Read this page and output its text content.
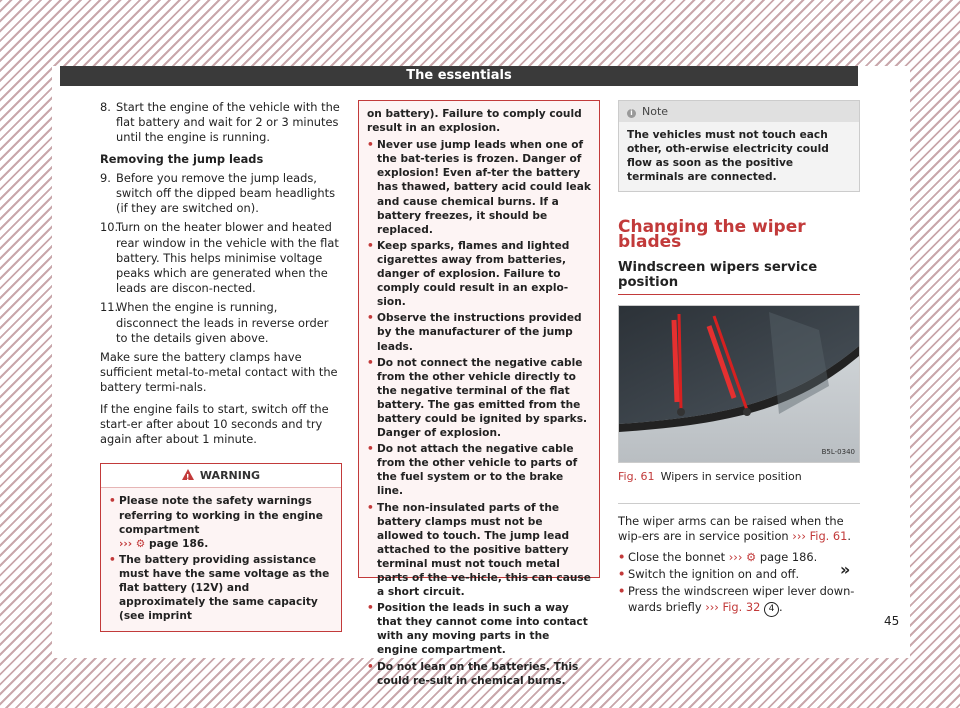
The essentials
8. Start the engine of the vehicle with the flat battery and wait for 2 or 3 minutes until the engine is running.
Removing the jump leads
9. Before you remove the jump leads, switch off the dipped beam headlights (if they are switched on).
10.
Turn on the heater blower and heated rear window in the vehicle with the flat battery. This helps minimise voltage peaks which are generated when the leads are discon-nected.
11.
When the engine is running, disconnect the leads in reverse order to the details given above.

Make sure the battery clamps have sufficient metal-to-metal contact with the battery termi-nals.

If the engine fails to start, switch off the start-er after about 10 seconds and try again after about 1 minute.

!WARNING
• Please note the safety warnings referring to working in the engine compartment
››› ⚙ page 186.
• The battery providing assistance must have the same voltage as the flat battery (12V) and approximately the same capacity (see imprint
on battery). Failure to comply could result in an explosion.
• Never use jump leads when one of the bat-teries is frozen. Danger of explosion! Even af-ter the battery has thawed, battery acid could leak and cause chemical burns. If a battery freezes, it should be replaced.
• Keep sparks, flames and lighted cigarettes away from batteries, danger of explosion. Failure to comply could result in an explo-sion.
• Observe the instructions provided by the manufacturer of the jump leads.
• Do not connect the negative cable from the other vehicle directly to the negative terminal of the flat battery. The gas emitted from the battery could be ignited by sparks. Danger of explosion.
• Do not attach the negative cable from the other vehicle to parts of the fuel system or to the brake line.
• The non-insulated parts of the battery clamps must not be allowed to touch. The jump lead attached to the positive battery terminal must not touch metal parts of the ve-hicle, this can cause a short circuit.
• Position the leads in such a way that they cannot come into contact with any moving parts in the engine compartment.
• Do not lean on the batteries. This could re-sult in chemical burns.
i Note
The vehicles must not touch each other, oth-erwise electricity could flow as soon as the positive terminals are connected.
Changing the wiper blades
Windscreen wipers service position
B5L-0340
Fig. 61 Wipers in service position

The wiper arms can be raised when the wip-ers are in service position ››› Fig. 61.

• Close the bonnet ››› ⚙ page 186.
• Switch the ignition on and off.
• Press the windscreen wiper lever down-wards briefly ››› Fig. 32 4 .
»
45
